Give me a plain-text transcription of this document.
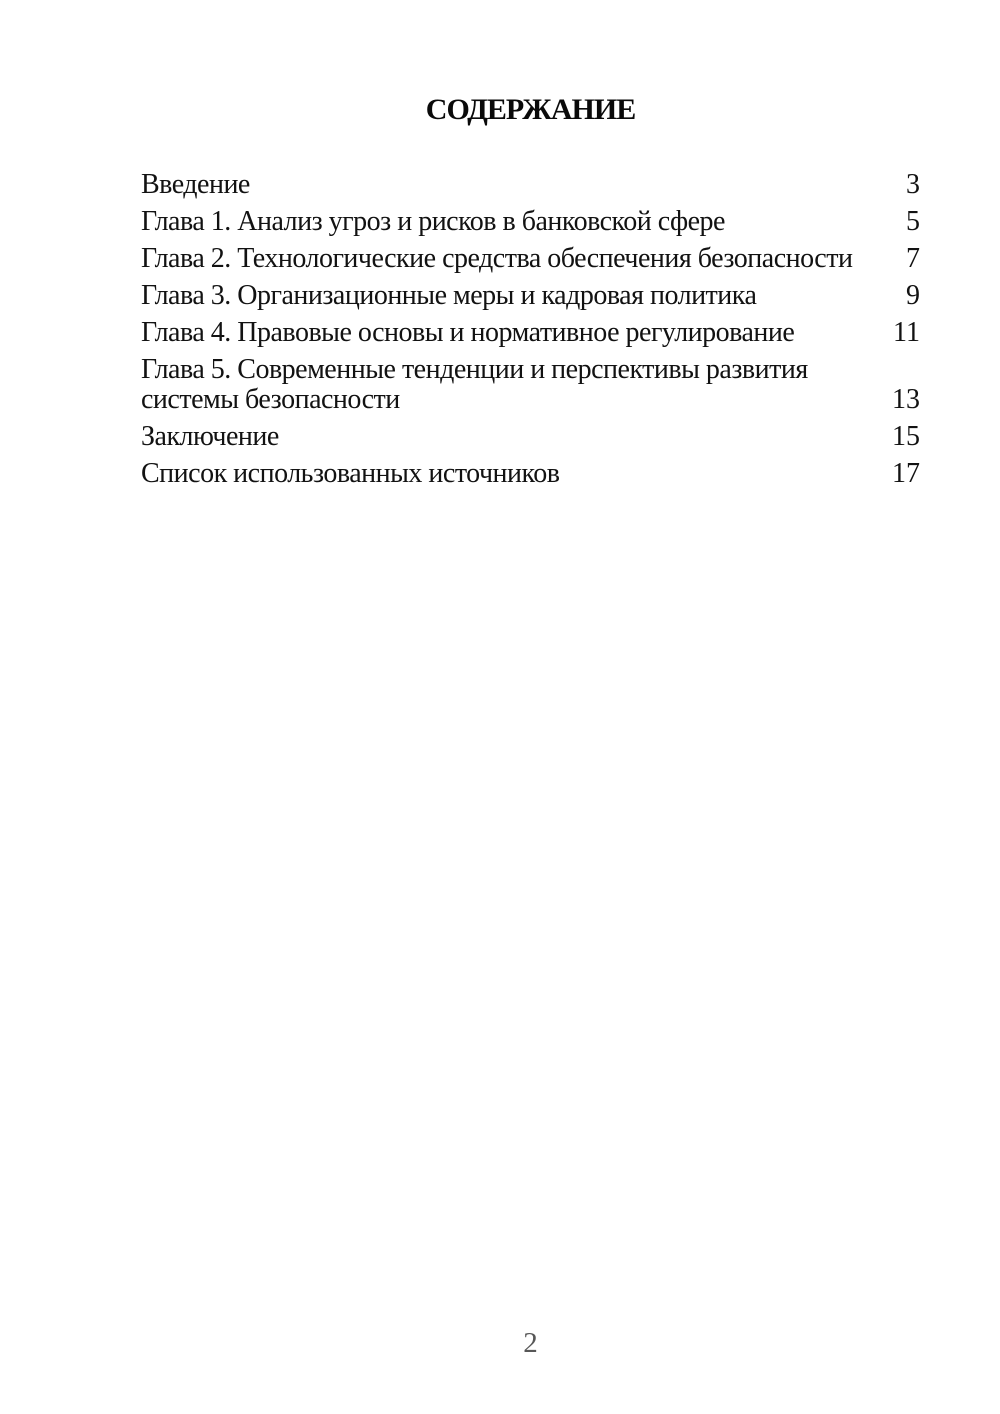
СОДЕРЖАНИЕ
Введение	3
Глава 1. Анализ угроз и рисков в банковской сфере	5
Глава 2. Технологические средства обеспечения безопасности	7
Глава 3. Организационные меры и кадровая политика	9
Глава 4. Правовые основы и нормативное регулирование	11
Глава 5. Современные тенденции и перспективы развития
системы безопасности	13
Заключение	15
Список использованных источников	17
2
